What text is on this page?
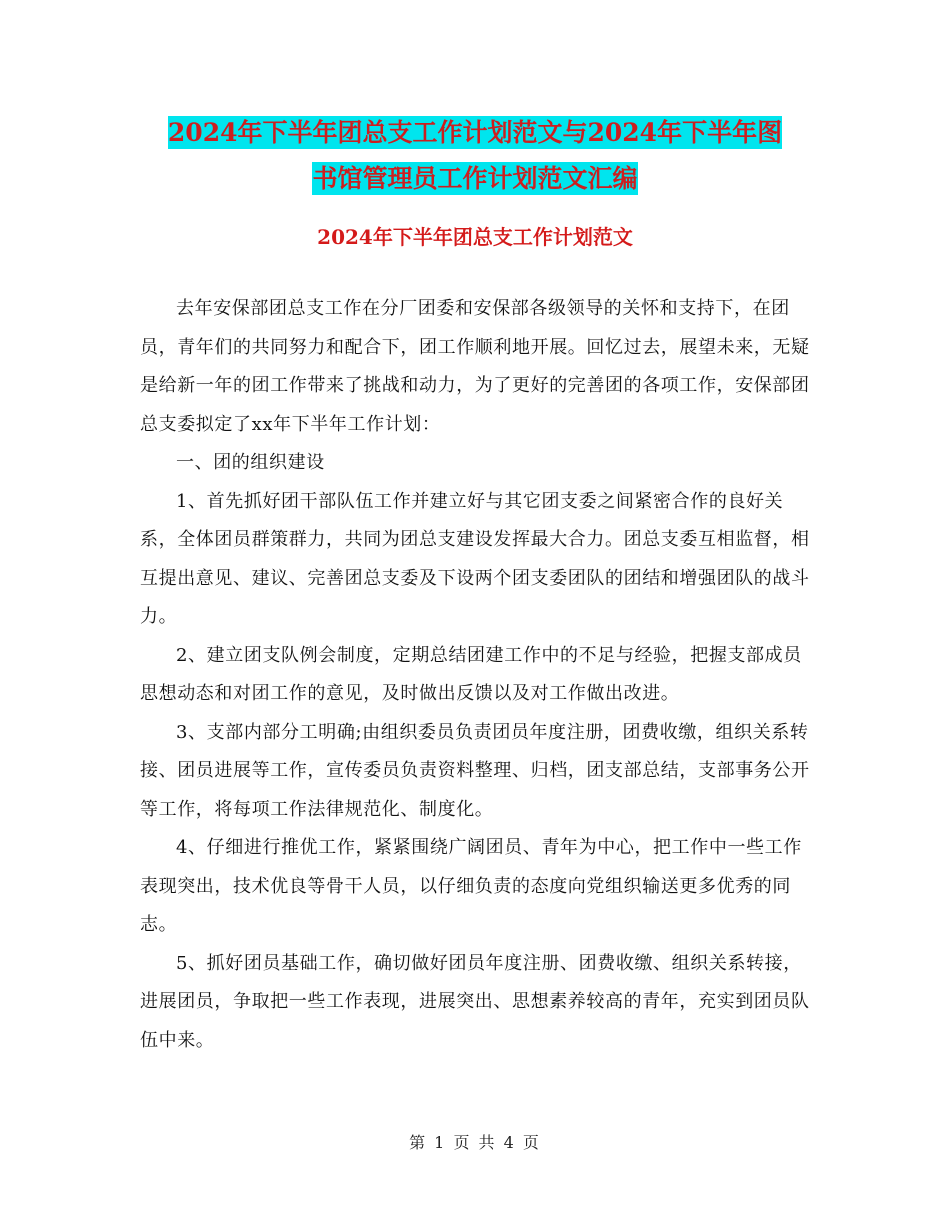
2024年下半年团总支工作计划范文与2024年下半年图
书馆管理员工作计划范文汇编
2024年下半年团总支工作计划范文

去年安保部团总支工作在分厂团委和安保部各级领导的关怀和支持下，在团员，青年们的共同努力和配合下，团工作顺利地开展。回忆过去，展望未来，无疑是给新一年的团工作带来了挑战和动力，为了更好的完善团的各项工作，安保部团总支委拟定了xx年下半年工作计划：

一、团的组织建设

1、首先抓好团干部队伍工作并建立好与其它团支委之间紧密合作的良好关系，全体团员群策群力，共同为团总支建设发挥最大合力。团总支委互相监督，相互提出意见、建议、完善团总支委及下设两个团支委团队的团结和增强团队的战斗力。

2、建立团支队例会制度，定期总结团建工作中的不足与经验，把握支部成员思想动态和对团工作的意见，及时做出反馈以及对工作做出改进。

3、支部内部分工明确;由组织委员负责团员年度注册，团费收缴，组织关系转接、团员进展等工作，宣传委员负责资料整理、归档，团支部总结，支部事务公开等工作，将每项工作法律规范化、制度化。

4、仔细进行推优工作，紧紧围绕广阔团员、青年为中心，把工作中一些工作表现突出，技术优良等骨干人员，以仔细负责的态度向党组织输送更多优秀的同志。

5、抓好团员基础工作，确切做好团员年度注册、团费收缴、组织关系转接，进展团员，争取把一些工作表现，进展突出、思想素养较高的青年，充实到团员队伍中来。

第 1 页 共 4 页
